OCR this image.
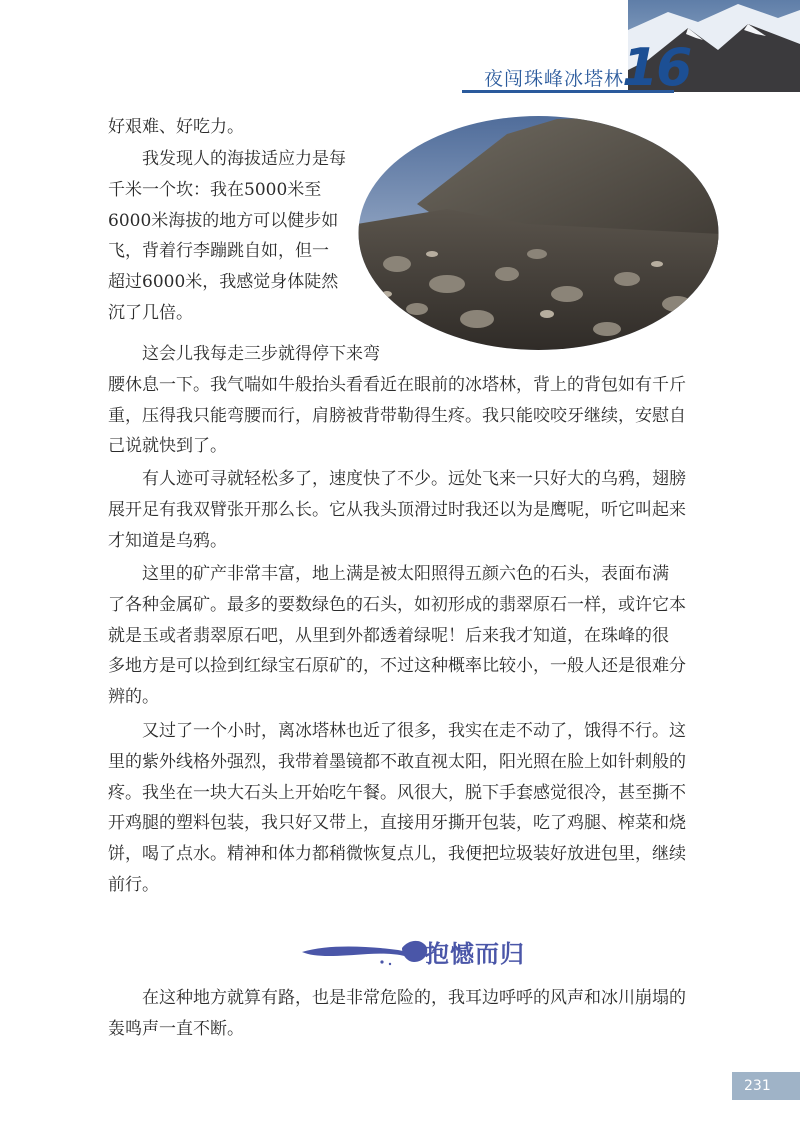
夜闯珠峰冰塔林
16

好艰难、好吃力。

我发现人的海拔适应力是每
千米一个坎：我在5000米至
6000米海拔的地方可以健步如
飞，背着行李蹦跳自如，但一
超过6000米，我感觉身体陡然
沉了几倍。

这会儿我每走三步就得停下来弯
腰休息一下。我气喘如牛般抬头看看近在眼前的冰塔林，背上的背包如有千斤
重，压得我只能弯腰而行，肩膀被背带勒得生疼。我只能咬咬牙继续，安慰自
己说就快到了。

有人迹可寻就轻松多了，速度快了不少。远处飞来一只好大的乌鸦，翅膀
展开足有我双臂张开那么长。它从我头顶滑过时我还以为是鹰呢，听它叫起来
才知道是乌鸦。

这里的矿产非常丰富，地上满是被太阳照得五颜六色的石头，表面布满
了各种金属矿。最多的要数绿色的石头，如初形成的翡翠原石一样，或许它本
就是玉或者翡翠原石吧，从里到外都透着绿呢！后来我才知道，在珠峰的很
多地方是可以捡到红绿宝石原矿的，不过这种概率比较小，一般人还是很难分
辨的。

又过了一个小时，离冰塔林也近了很多，我实在走不动了，饿得不行。这
里的紫外线格外强烈，我带着墨镜都不敢直视太阳，阳光照在脸上如针刺般的
疼。我坐在一块大石头上开始吃午餐。风很大，脱下手套感觉很冷，甚至撕不
开鸡腿的塑料包装，我只好又带上，直接用牙撕开包装，吃了鸡腿、榨菜和烧
饼，喝了点水。精神和体力都稍微恢复点儿，我便把垃圾装好放进包里，继续
前行。

抱憾而归

在这种地方就算有路，也是非常危险的，我耳边呼呼的风声和冰川崩塌的
轰鸣声一直不断。

231
